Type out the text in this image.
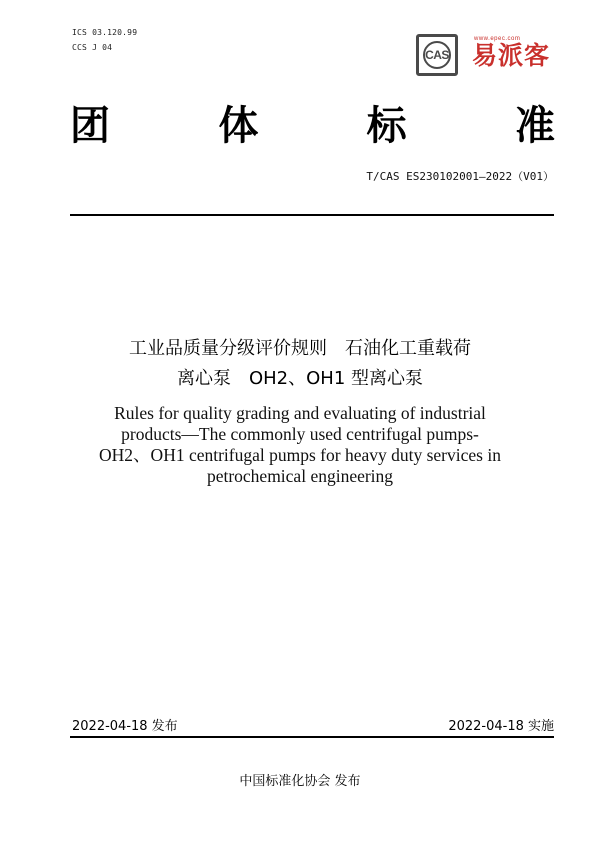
ICS 03.120.99
CCS J 04
CAS
www.epec.com
易派客
团	体	标	准
T/CAS ES230102001—2022（V01）
工业品质量分级评价规则　石油化工重载荷
离心泵　OH2、OH1 型离心泵
Rules for quality grading and evaluating of industrial
products—The commonly used centrifugal pumps-
OH2、OH1 centrifugal pumps for heavy duty services in
petrochemical engineering
2022-04-18 发布	2022-04-18 实施
中国标准化协会 发布
